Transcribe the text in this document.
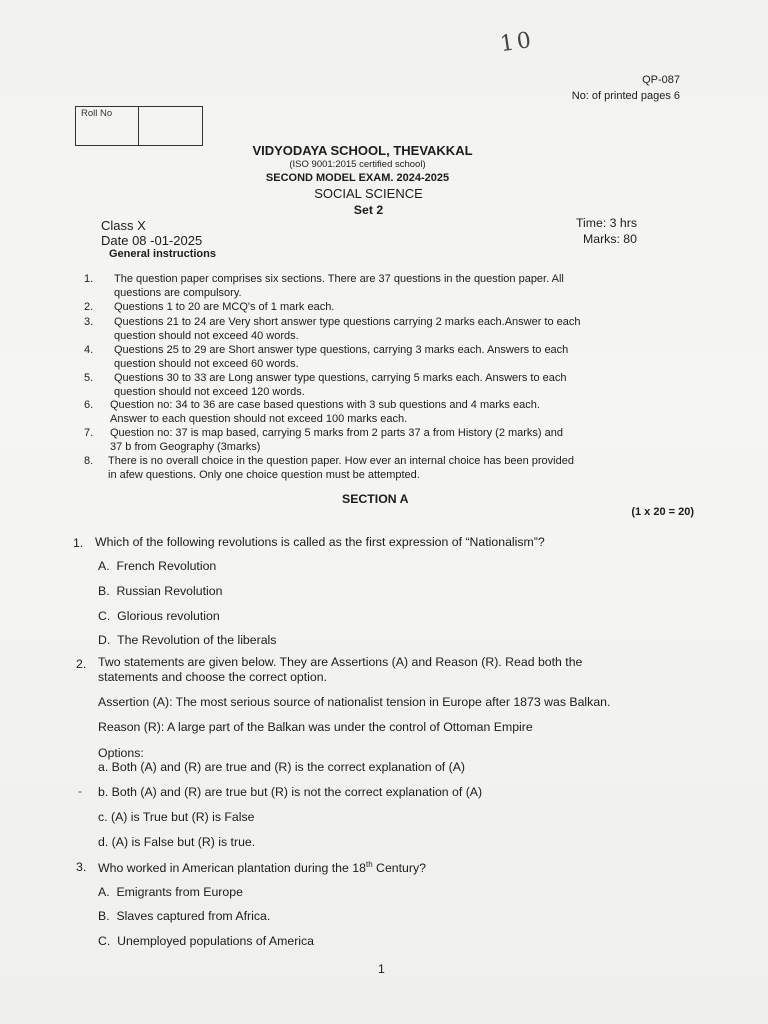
10
QP-087
No: of printed pages 6
Roll No
VIDYODAYA SCHOOL, THEVAKKAL
(ISO 9001:2015 certified school)
SECOND MODEL EXAM. 2024-2025
SOCIAL SCIENCE
Set 2
Class X
Date 08 -01-2025
General instructions
Time: 3 hrs
Marks: 80
1. The question paper comprises six sections. There are 37 questions in the question paper. All
questions are compulsory.
2. Questions 1 to 20 are MCQ's of 1 mark each.
3. Questions 21 to 24 are Very short answer type questions carrying 2 marks each.Answer to each
question should not exceed 40 words.
4. Questions 25 to 29 are Short answer type questions, carrying 3 marks each. Answers to each
question should not exceed 60 words.
5. Questions 30 to 33 are Long answer type questions, carrying 5 marks each. Answers to each
question should not exceed 120 words.
6. Question no: 34 to 36 are case based questions with 3 sub questions and 4 marks each.
Answer to each question should not exceed 100 marks each.
7. Question no: 37 is map based, carrying 5 marks from 2 parts 37 a from History (2 marks) and
37 b from Geography (3marks)
8. There is no overall choice in the question paper. How ever an internal choice has been provided
in afew questions. Only one choice question must be attempted.
SECTION A
(1 x 20 = 20)
1. Which of the following revolutions is called as the first expression of “Nationalism”?
A. French Revolution
B. Russian Revolution
C. Glorious revolution
D. The Revolution of the liberals
2. Two statements are given below. They are Assertions (A) and Reason (R). Read both the
statements and choose the correct option.
Assertion (A): The most serious source of nationalist tension in Europe after 1873 was Balkan.
Reason (R): A large part of the Balkan was under the control of Ottoman Empire
Options:
a. Both (A) and (R) are true and (R) is the correct explanation of (A)
- b. Both (A) and (R) are true but (R) is not the correct explanation of (A)
c. (A) is True but (R) is False
d. (A) is False but (R) is true.
3. Who worked in American plantation during the 18th Century?
A. Emigrants from Europe
B. Slaves captured from Africa.
C. Unemployed populations of America
1
